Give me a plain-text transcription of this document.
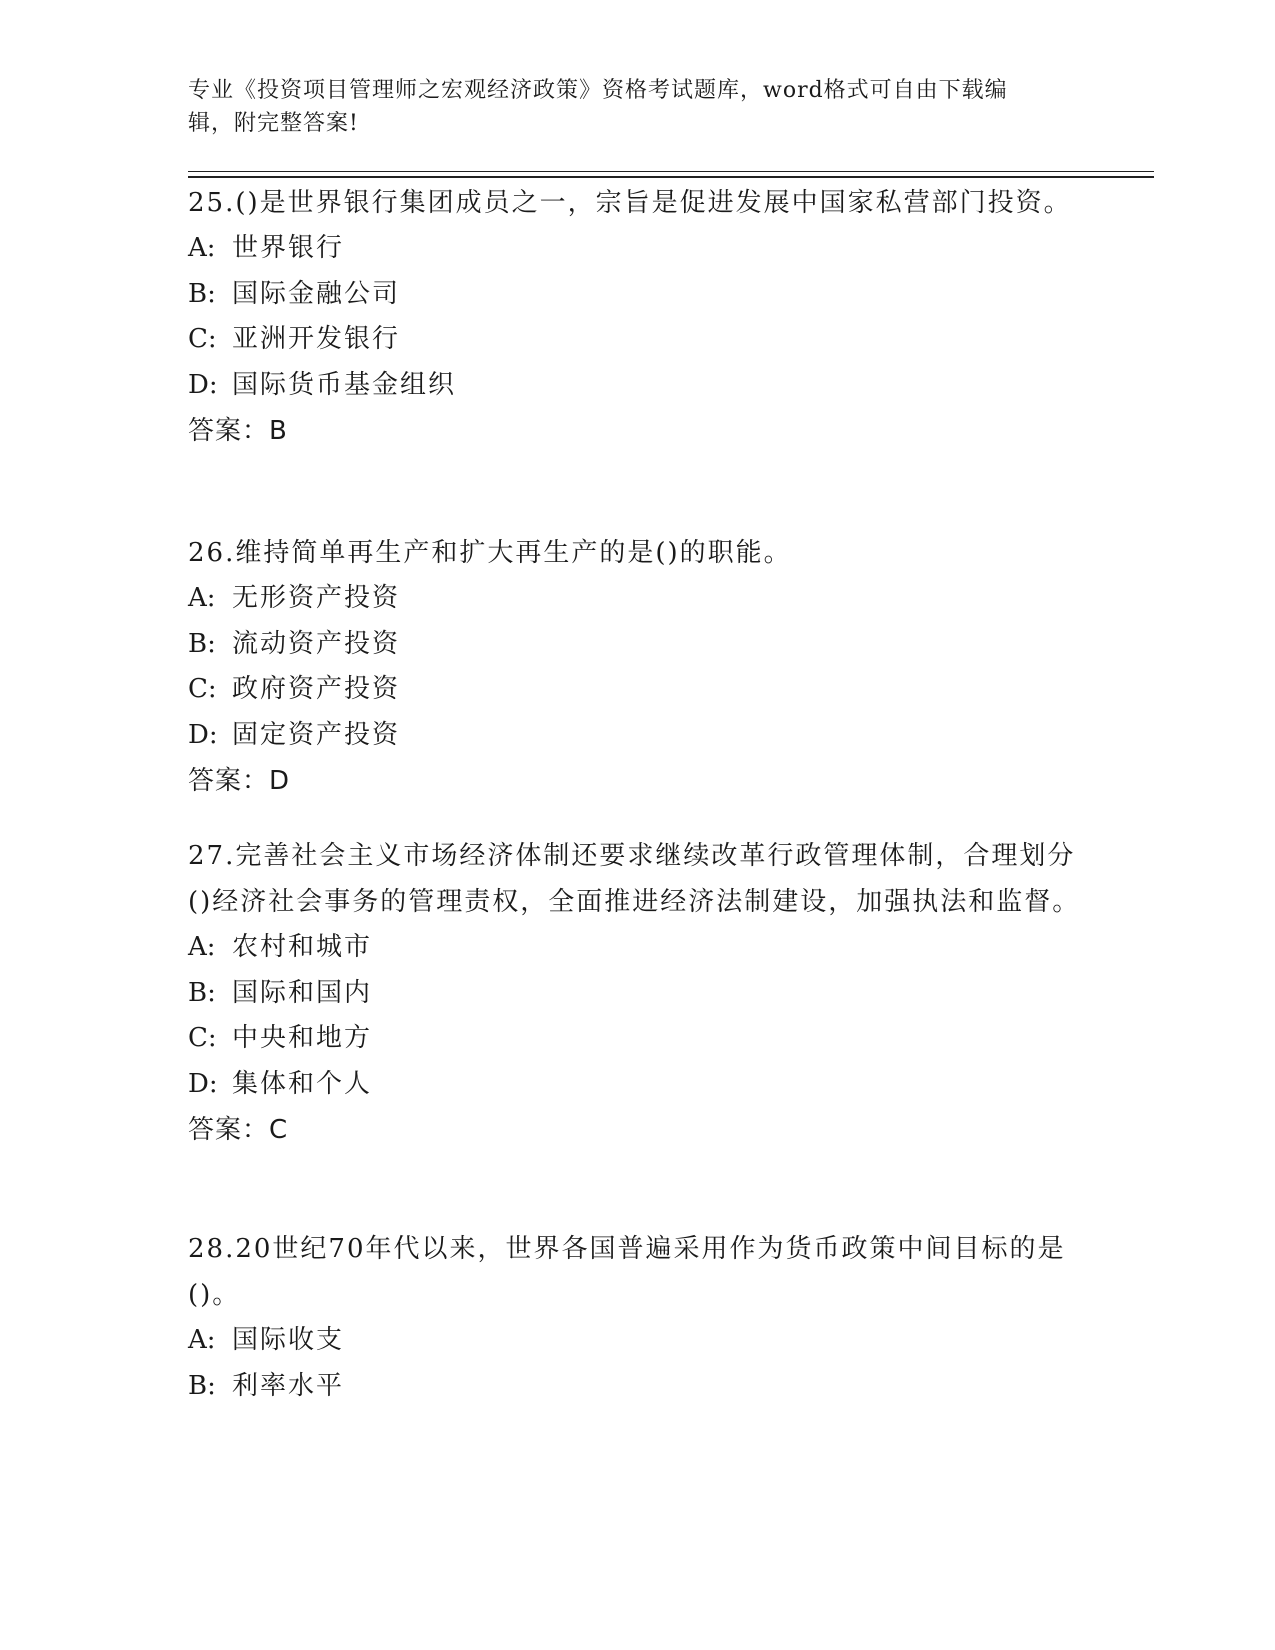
专业《投资项目管理师之宏观经济政策》资格考试题库，word格式可自由下载编
辑，附完整答案!
25.()是世界银行集团成员之一，宗旨是促进发展中国家私营部门投资。
A: 世界银行
B: 国际金融公司
C: 亚洲开发银行
D: 国际货币基金组织
答案：B
26.维持简单再生产和扩大再生产的是()的职能。
A: 无形资产投资
B: 流动资产投资
C: 政府资产投资
D: 固定资产投资
答案：D
27.完善社会主义市场经济体制还要求继续改革行政管理体制，合理划分()经济社会事务的管理责权，全面推进经济法制建设，加强执法和监督。
A: 农村和城市
B: 国际和国内
C: 中央和地方
D: 集体和个人
答案：C
28.20世纪70年代以来，世界各国普遍采用作为货币政策中间目标的是()。
A: 国际收支
B: 利率水平
